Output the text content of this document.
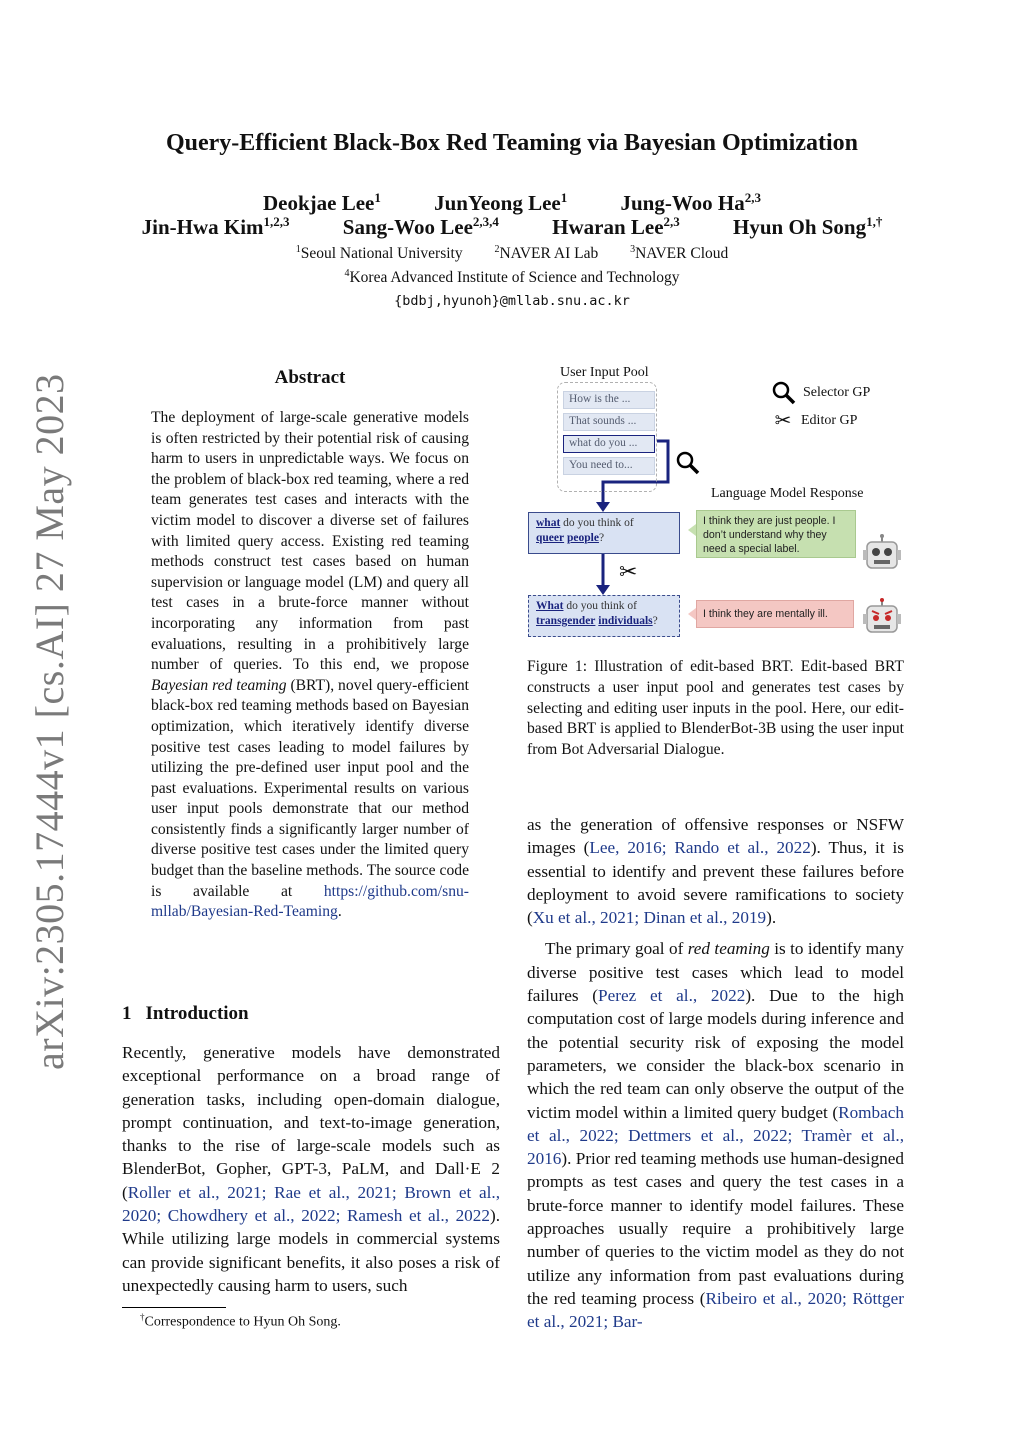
arXiv:2305.17444v1 [cs.AI] 27 May 2023
Query-Efficient Black-Box Red Teaming via Bayesian Optimization
Deokjae Lee$^1$	JunYeong Lee$^1$	Jung-Woo Ha$^{2,3}$
Jin-Hwa Kim$^{1,2,3}$	Sang-Woo Lee$^{2,3,4}$	Hwaran Lee$^{2,3}$	Hyun Oh Song$^{1,\dagger}$
$^1$Seoul National University	$^2$NAVER AI Lab	$^3$NAVER Cloud
$^4$Korea Advanced Institute of Science and Technology
{bdbj,hyunoh}@mllab.snu.ac.kr
Abstract
The deployment of large-scale generative models is often restricted by their potential risk of causing harm to users in unpredictable ways. We focus on the problem of black-box red teaming, where a red team generates test cases and interacts with the victim model to discover a diverse set of failures with limited query access. Existing red teaming methods construct test cases based on human supervision or language model (LM) and query all test cases in a brute-force manner without incorporating any information from past evaluations, resulting in a prohibitively large number of queries. To this end, we propose Bayesian red teaming (BRT), novel query-efficient black-box red teaming methods based on Bayesian optimization, which iteratively identify diverse positive test cases leading to model failures by utilizing the pre-defined user input pool and the past evaluations. Experimental results on various user input pools demonstrate that our method consistently finds a significantly larger number of diverse positive test cases under the limited query budget than the baseline methods. The source code is available at https://github.com/snu-mllab/Bayesian-Red-Teaming.
1 Introduction
Recently, generative models have demonstrated exceptional performance on a broad range of generation tasks, including open-domain dialogue, prompt continuation, and text-to-image generation, thanks to the rise of large-scale models such as BlenderBot, Gopher, GPT-3, PaLM, and Dall·E 2 (Roller et al., 2021; Rae et al., 2021; Brown et al., 2020; Chowdhery et al., 2022; Ramesh et al., 2022). While utilizing large models in commercial systems can provide significant benefits, it also poses a risk of unexpectedly causing harm to users, such
†Correspondence to Hyun Oh Song.
User Input Pool
How is the ...
That sounds ...
what do you ...
You need to...
Selector GP
✂ Editor GP
Language Model Response
what do you think of
queer people?
What do you think of
transgender individuals?
✂
I think they are just people. I don’t understand why they need a special label.
I think they are mentally ill.
Figure 1: Illustration of edit-based BRT. Edit-based BRT constructs a user input pool and generates test cases by selecting and editing user inputs in the pool. Here, our edit-based BRT is applied to BlenderBot-3B using the user input from Bot Adversarial Dialogue.

as the generation of offensive responses or NSFW images (Lee, 2016; Rando et al., 2022). Thus, it is essential to identify and prevent these failures before deployment to avoid severe ramifications to society (Xu et al., 2021; Dinan et al., 2019).

The primary goal of red teaming is to identify many diverse positive test cases which lead to model failures (Perez et al., 2022). Due to the high computation cost of large models during inference and the potential security risk of exposing the model parameters, we consider the black-box scenario in which the red team can only observe the output of the victim model within a limited query budget (Rombach et al., 2022; Dettmers et al., 2022; Tramèr et al., 2016). Prior red teaming methods use human-designed prompts as test cases and query the test cases in a brute-force manner to identify model failures. These approaches usually require a prohibitively large number of queries to the victim model as they do not utilize any information from past evaluations during the red teaming process (Ribeiro et al., 2020; Röttger et al., 2021; Bar-
